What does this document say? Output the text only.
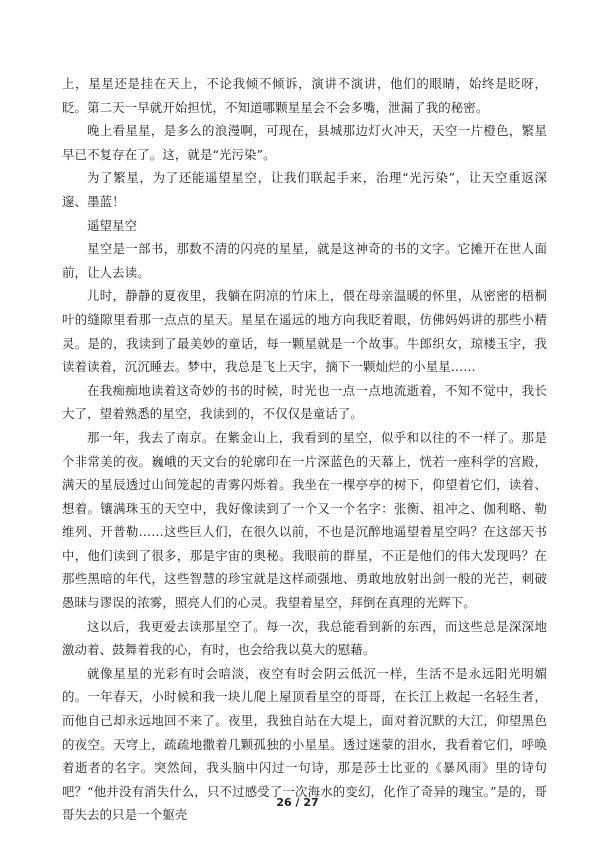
上，星星还是挂在天上，不论我倾不倾诉，演讲不演讲，他们的眼睛，始终是眨呀，眨。第二天一早就开始担忧，不知道哪颗星星会不会多嘴，泄漏了我的秘密。

晚上看星星，是多么的浪漫啊，可现在，县城那边灯火冲天，天空一片橙色，繁星早已不复存在了。这，就是“光污染”。

为了繁星，为了还能遥望星空，让我们联起手来，治理“光污染”，让天空重返深邃、墨蓝！

遥望星空

星空是一部书，那数不清的闪亮的星星，就是这神奇的书的文字。它摊开在世人面前，让人去读。

儿时，静静的夏夜里，我躺在阴凉的竹床上，偎在母亲温暖的怀里，从密密的梧桐叶的缝隙里看那一点点的星天。星星在遥远的地方向我眨着眼，仿佛妈妈讲的那些小精灵。是的，我读到了最美妙的童话，每一颗星就是一个故事。牛郎织女，琼楼玉宇，我读着读着，沉沉睡去。梦中，我总是飞上天宇，摘下一颗灿烂的小星星……

在我痴痴地读着这奇妙的书的时候，时光也一点一点地流逝着，不知不觉中，我长大了，望着熟悉的星空，我读到的，不仅仅是童话了。

那一年，我去了南京。在紫金山上，我看到的星空，似乎和以往的不一样了。那是个非常美的夜。巍峨的天文台的轮廓印在一片深蓝色的天幕上，恍若一座科学的宫殿，满天的星辰透过山间笼起的青雾闪烁着。我坐在一棵亭亭的树下，仰望着它们，读着、想着。镶满珠玉的天空中，我好像读到了一个又一个名字：张衡、祖冲之、伽利略、勒维列、开普勒……这些巨人们，在很久以前，不也是沉醉地遥望着星空吗？在这部天书中，他们读到了很多，那是宇宙的奥秘。我眼前的群星，不正是他们的伟大发现吗？在那些黑暗的年代，这些智慧的珍宝就是这样顽强地、勇敢地放射出剑一般的光芒，刺破愚昧与谬误的浓雾，照亮人们的心灵。我望着星空，拜倒在真理的光辉下。

这以后，我更爱去读那星空了。每一次，我总能看到新的东西，而这些总是深深地激动着、鼓舞着我的心，有时，也会给我以莫大的慰藉。

就像星星的光彩有时会暗淡，夜空有时会阴云低沉一样，生活不是永远阳光明媚的。一年春天，小时候和我一块儿爬上屋顶看星空的哥哥，在长江上救起一名轻生者，而他自己却永远地回不来了。夜里，我独自站在大堤上，面对着沉默的大江，仰望黑色的夜空。天穹上，疏疏地撒着几颗孤独的小星星。透过迷蒙的泪水，我看着它们，呼唤着逝者的名字。突然间，我头脑中闪过一句诗，那是莎士比亚的《暴风雨》里的诗句吧？“他并没有消失什么，只不过感受了一次海水的变幻，化作了奇异的瑰宝。”是的，哥哥失去的只是一个躯壳

26 / 27
